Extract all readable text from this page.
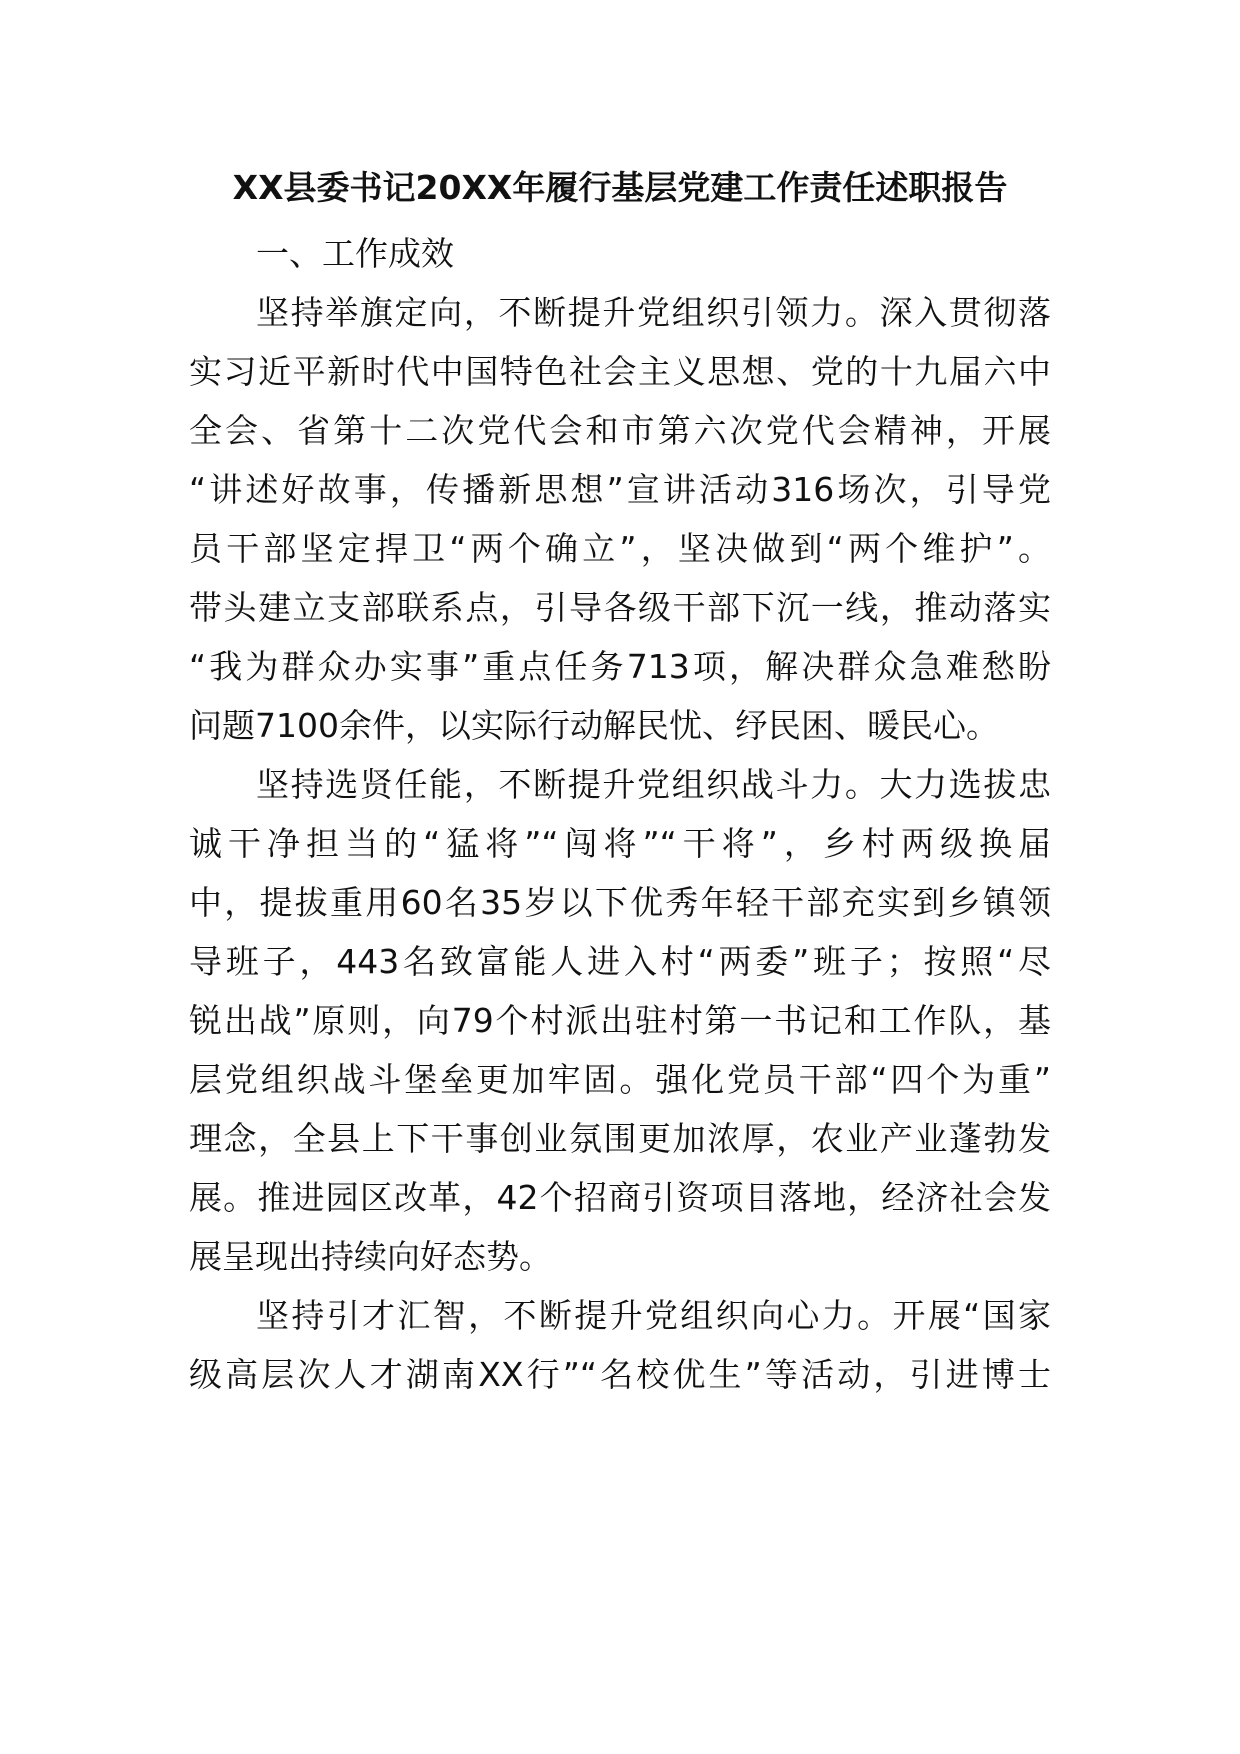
XX县委书记20XX年履行基层党建工作责任述职报告
一、工作成效
坚持举旗定向，不断提升党组织引领力。深入贯彻落
实习近平新时代中国特色社会主义思想、党的十九届六中
全会、省第十二次党代会和市第六次党代会精神，开展
“讲述好故事，传播新思想”宣讲活动316场次，引导党
员干部坚定捍卫“两个确立”，坚决做到“两个维护”。
带头建立支部联系点，引导各级干部下沉一线，推动落实
“我为群众办实事”重点任务713项，解决群众急难愁盼
问题7100余件，以实际行动解民忧、纾民困、暖民心。
坚持选贤任能，不断提升党组织战斗力。大力选拔忠
诚干净担当的“猛将”“闯将”“干将”，乡村两级换届
中，提拔重用60名35岁以下优秀年轻干部充实到乡镇领
导班子，443名致富能人进入村“两委”班子；按照“尽
锐出战”原则，向79个村派出驻村第一书记和工作队，基
层党组织战斗堡垒更加牢固。强化党员干部“四个为重”
理念，全县上下干事创业氛围更加浓厚，农业产业蓬勃发
展。推进园区改革，42个招商引资项目落地，经济社会发
展呈现出持续向好态势。
坚持引才汇智，不断提升党组织向心力。开展“国家
级高层次人才湖南XX行”“名校优生”等活动，引进博士
